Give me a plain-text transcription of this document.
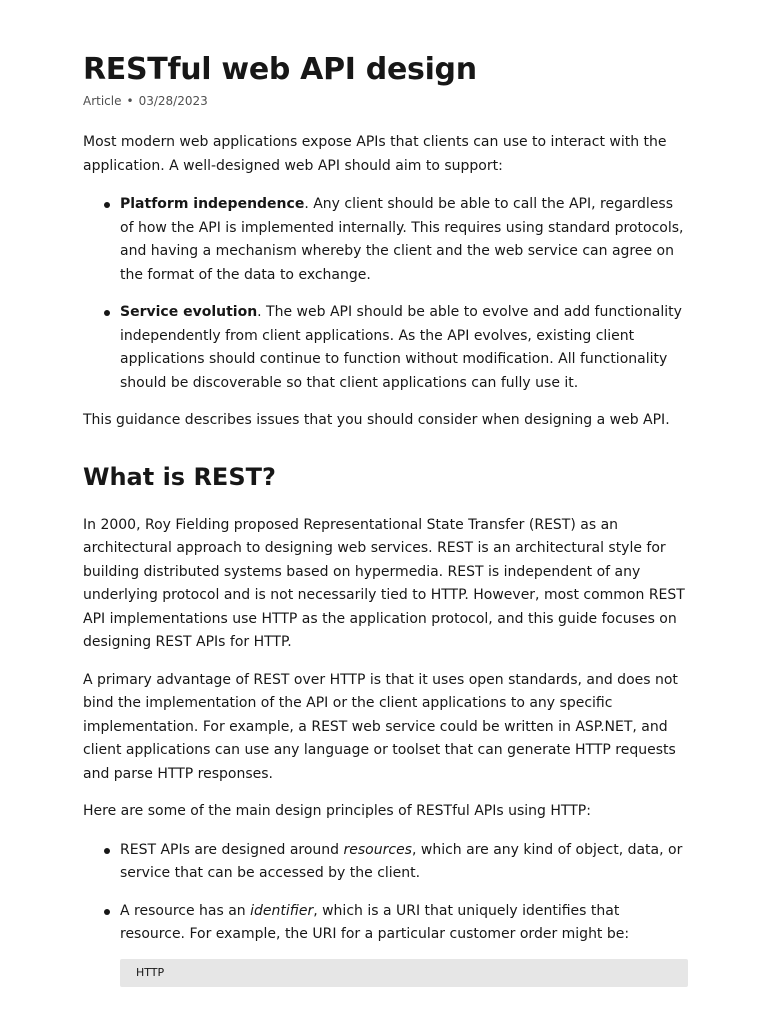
RESTful web API design
Article • 03/28/2023

Most modern web applications expose APIs that clients can use to interact with the application. A well-designed web API should aim to support:

Platform independence. Any client should be able to call the API, regardless of how the API is implemented internally. This requires using standard protocols, and having a mechanism whereby the client and the web service can agree on the format of the data to exchange.
Service evolution. The web API should be able to evolve and add functionality independently from client applications. As the API evolves, existing client applications should continue to function without modification. All functionality should be discoverable so that client applications can fully use it.

This guidance describes issues that you should consider when designing a web API.

What is REST?

In 2000, Roy Fielding proposed Representational State Transfer (REST) as an architectural approach to designing web services. REST is an architectural style for building distributed systems based on hypermedia. REST is independent of any underlying protocol and is not necessarily tied to HTTP. However, most common REST API implementations use HTTP as the application protocol, and this guide focuses on designing REST APIs for HTTP.

A primary advantage of REST over HTTP is that it uses open standards, and does not bind the implementation of the API or the client applications to any specific implementation. For example, a REST web service could be written in ASP.NET, and client applications can use any language or toolset that can generate HTTP requests and parse HTTP responses.

Here are some of the main design principles of RESTful APIs using HTTP:

REST APIs are designed around resources, which are any kind of object, data, or service that can be accessed by the client.
A resource has an identifier, which is a URI that uniquely identifies that resource. For example, the URI for a particular customer order might be:
HTTP
